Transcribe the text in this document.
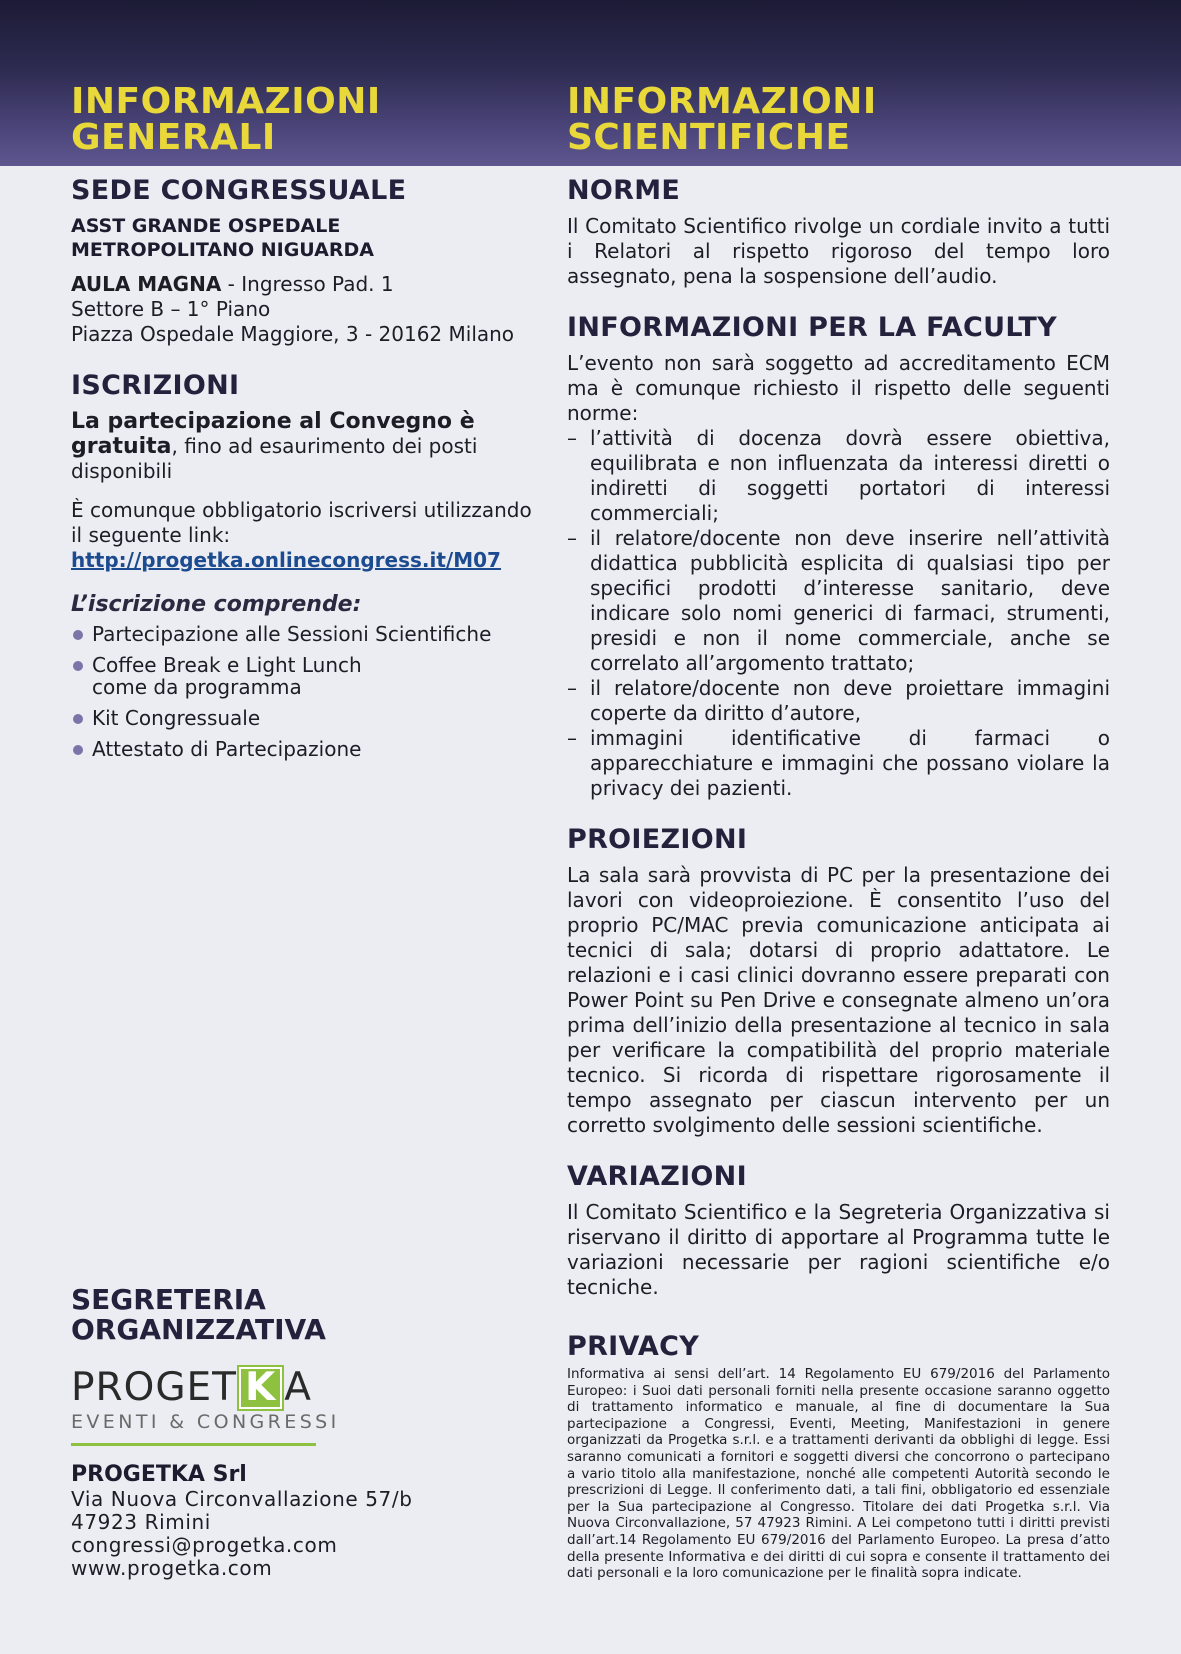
INFORMAZIONI
GENERALI
INFORMAZIONI
SCIENTIFICHE
SEDE CONGRESSUALE

ASST GRANDE OSPEDALE

METROPOLITANO NIGUARDA

AULA MAGNA - Ingresso Pad. 1

Settore B – 1° Piano

Piazza Ospedale Maggiore, 3 - 20162 Milano

ISCRIZIONI

La partecipazione al Convegno è
gratuita, fino ad esaurimento dei posti disponibili

È comunque obbligatorio iscriversi utilizzando il seguente link:

http://progetka.onlinecongress.it/M07

L’iscrizione comprende:

Partecipazione alle Sessioni Scientifiche
Coffee Break e Light Lunch
come da programma
Kit Congressuale
Attestato di Partecipazione
SEGRETERIA
ORGANIZZATIVA
PROGET K A
EVENTI & CONGRESSI

PROGETKA Srl

Via Nuova Circonvallazione 57/b

47923 Rimini

congressi@progetka.com

www.progetka.com

NORME

Il Comitato Scientifico rivolge un cordiale invito a tutti i Relatori al rispetto rigoroso del tempo loro assegnato, pena la sospensione dell’audio.

INFORMAZIONI PER LA FACULTY

L’evento non sarà soggetto ad accreditamento ECM ma è comunque richiesto il rispetto delle seguenti norme:

– l’attività di docenza dovrà essere obiettiva, equilibrata e non influenzata da interessi diretti o indiretti di soggetti portatori di interessi commerciali;
– il relatore/docente non deve inserire nell’attività didattica pubblicità esplicita di qualsiasi tipo per specifici prodotti d’interesse sanitario, deve indicare solo nomi generici di farmaci, strumenti, presidi e non il nome commerciale, anche se correlato all’argomento trattato;
– il relatore/docente non deve proiettare immagini coperte da diritto d’autore,
– immagini identificative di farmaci o apparecchiature e immagini che possano violare la privacy dei pazienti.
PROIEZIONI

La sala sarà provvista di PC per la presentazione dei lavori con videoproiezione. È consentito l’uso del proprio PC/MAC previa comunicazione anticipata ai tecnici di sala; dotarsi di proprio adattatore. Le relazioni e i casi clinici dovranno essere preparati con Power Point su Pen Drive e consegnate almeno un’ora prima dell’inizio della presentazione al tecnico in sala per verificare la compatibilità del proprio materiale tecnico. Si ricorda di rispettare rigorosamente il tempo assegnato per ciascun intervento per un corretto svolgimento delle sessioni scientifiche.

VARIAZIONI

Il Comitato Scientifico e la Segreteria Organizzativa si riservano il diritto di apportare al Programma tutte le variazioni necessarie per ragioni scientifiche e/o tecniche.

PRIVACY

Informativa ai sensi dell’art. 14 Regolamento EU 679/2016 del Parlamento Europeo: i Suoi dati personali forniti nella presente occasione saranno oggetto di trattamento informatico e manuale, al fine di documentare la Sua partecipazione a Congressi, Eventi, Meeting, Manifestazioni in genere organizzati da Progetka s.r.l. e a trattamenti derivanti da obblighi di legge. Essi saranno comunicati a fornitori e soggetti diversi che concorrono o partecipano a vario titolo alla manifestazione, nonché alle competenti Autorità secondo le prescrizioni di Legge. Il conferimento dati, a tali fini, obbligatorio ed essenziale per la Sua partecipazione al Congresso. Titolare dei dati Progetka s.r.l. Via Nuova Circonvallazione, 57 47923 Rimini. A Lei competono tutti i diritti previsti dall’art.14 Regolamento EU 679/2016 del Parlamento Europeo. La presa d’atto della presente Informativa e dei diritti di cui sopra e consente il trattamento dei dati personali e la loro comunicazione per le finalità sopra indicate.
